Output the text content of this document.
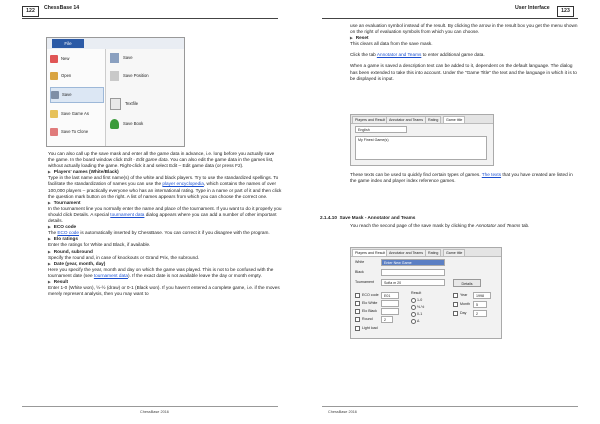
122	ChessBase 14
File
New
Open
Save
Save Game As
Save To Clone
Save
Save Position
Textfile
Save Book

You can also call up the save mask and enter all the game data in advance, i.e. long before you actually save the game. In the board window click Edit · Edit game data. You can also edit the game data in the games list, without actually loading the game. Right-click it and select Edit – Edit game data (or press F2).

▶ Players' names (White/Black)

Type in the last name and first name(s) of the white and black players. Try to use the standardized spellings. To facilitate the standardization of names you can use the player encyclopedia, which contains the names of over 100,000 players – practically everyone who has an international rating. Type in a name or part of it and then click the question mark button on the right. A list of names appears from which you can choose the correct one.

▶ Tournament

In the tournament line you normally enter the name and place of the tournament. If you want to do it properly you should click Details. A special tournament data dialog appears where you can add a number of other important details.

▶ ECO code

The ECO code is automatically inserted by ChessBase. You can correct it if you disagree with the program.

▶ Elo ratings

Enter the ratings for White and Black, if available.

▶ Round, subround

Specify the round and, in case of knockouts or Grand Prix, the subround.

▶ Date (year, month, day)

Here you specify the year, month and day on which the game was played. This is not to be confused with the tournament date (see tournament data). If the exact date is not available leave the day or month empty.

▶ Result

Enter 1-0 (White won), ½-½ (draw) or 0-1 (Black won). If you haven't entered a complete game, i.e. if the moves merely represent analysis, then you may want to

ChessBase 2016
User Interface	123

use an evaluation symbol instead of the result. By clicking the arrow in the result box you get the menu shown on the right of evaluation symbols from which you can choose.

▶ Reset

This clears all data from the save mask.

Click the tab Annotator and Teams to enter additional game data.

When a game is saved a description text can be added to it, dependent on the default language. The dialog has been extended to take this into account. Under the "Game Title" the text and the language in which it is to be displayed is input.

Players and Result	Annotator and Teams	Rating	Game title
English
My Finest Game(s)

These texts can be used to quickly find certain types of games. The texts that you have created are listed in the game index and player index reference games.

2.1.4.10 Save Mask - Annotator and Teams

You reach the second page of the save mask by clicking the Annotator and Teams tab.

Players and Result	Annotator and Teams	Rating	Game title
White	Enter New Game
Black
Tournament	Sofia m 20	Details
ECO code	E01
Elo White
Elo Black
Round	2
Light load
Result
1-0
½-½
0-1
Δ
Year	1998
Month	5
Day	2
ChessBase 2016
